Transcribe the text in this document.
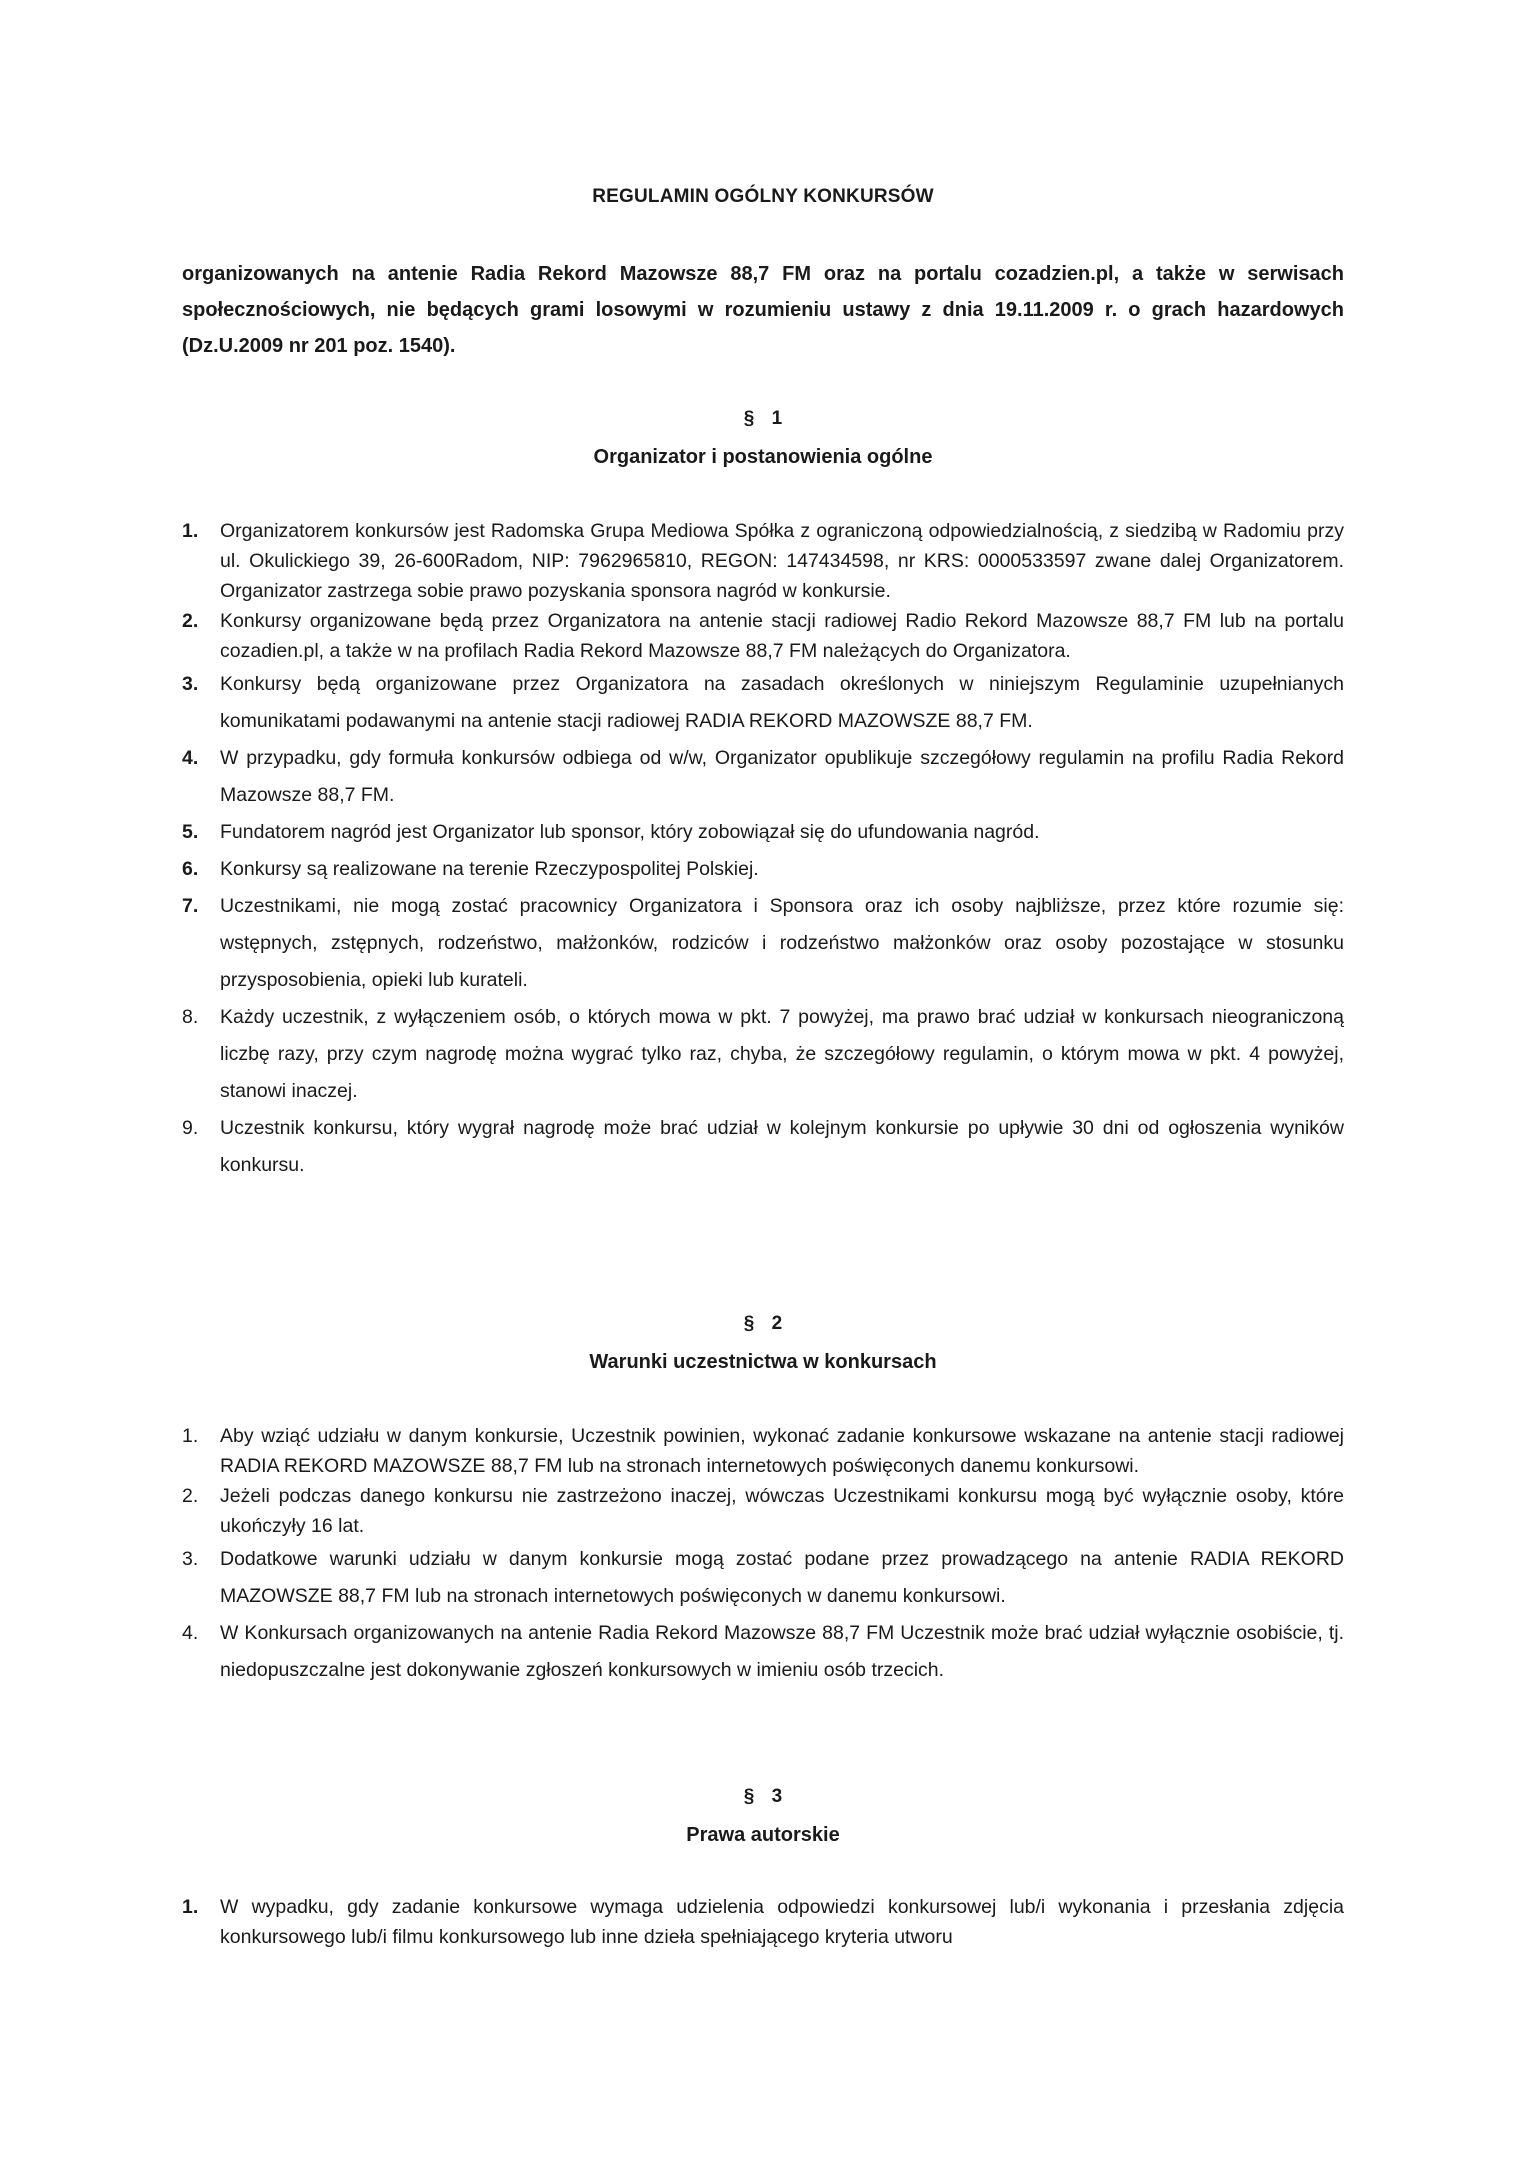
REGULAMIN OGÓLNY KONKURSÓW
organizowanych na antenie Radia Rekord Mazowsze 88,7 FM oraz na portalu cozadzien.pl, a także w serwisach społecznościowych, nie będących grami losowymi w rozumieniu ustawy z dnia 19.11.2009 r. o grach hazardowych (Dz.U.2009 nr 201 poz. 1540).
§ 1
Organizator i postanowienia ogólne
1.	Organizatorem konkursów jest Radomska Grupa Mediowa Spółka z ograniczoną odpowiedzialnością, z siedzibą w Radomiu przy ul. Okulickiego 39, 26-600Radom, NIP: 7962965810, REGON: 147434598, nr KRS: 0000533597 zwane dalej Organizatorem. Organizator zastrzega sobie prawo pozyskania sponsora nagród w konkursie.
2.	Konkursy organizowane będą przez Organizatora na antenie stacji radiowej Radio Rekord Mazowsze 88,7 FM lub na portalu cozadien.pl, a także w na profilach Radia Rekord Mazowsze 88,7 FM należących do Organizatora.
3.	Konkursy będą organizowane przez Organizatora na zasadach określonych w niniejszym Regulaminie uzupełnianych komunikatami podawanymi na antenie stacji radiowej RADIA REKORD MAZOWSZE 88,7 FM.
4.	W przypadku, gdy formuła konkursów odbiega od w/w, Organizator opublikuje szczegółowy regulamin na profilu Radia Rekord Mazowsze 88,7 FM.
5.	Fundatorem nagród jest Organizator lub sponsor, który zobowiązał się do ufundowania nagród.
6.	Konkursy są realizowane na terenie Rzeczypospolitej Polskiej.
7.	Uczestnikami, nie mogą zostać pracownicy Organizatora i Sponsora oraz ich osoby najbliższe, przez które rozumie się: wstępnych, zstępnych, rodzeństwo, małżonków, rodziców i rodzeństwo małżonków oraz osoby pozostające w stosunku przysposobienia, opieki lub kurateli.
8.	Każdy uczestnik, z wyłączeniem osób, o których mowa w pkt. 7 powyżej, ma prawo brać udział w konkursach nieograniczoną liczbę razy, przy czym nagrodę można wygrać tylko raz, chyba, że szczegółowy regulamin, o którym mowa w pkt. 4 powyżej, stanowi inaczej.
9.	Uczestnik konkursu, który wygrał nagrodę może brać udział w kolejnym konkursie po upływie 30 dni od ogłoszenia wyników konkursu.
§ 2
Warunki uczestnictwa w konkursach
1.	Aby wziąć udziału w danym konkursie, Uczestnik powinien, wykonać zadanie konkursowe wskazane na antenie stacji radiowej RADIA REKORD MAZOWSZE 88,7 FM lub na stronach internetowych poświęconych danemu konkursowi.
2.	Jeżeli podczas danego konkursu nie zastrzeżono inaczej, wówczas Uczestnikami konkursu mogą być wyłącznie osoby, które ukończyły 16 lat.
3.	Dodatkowe warunki udziału w danym konkursie mogą zostać podane przez prowadzącego na antenie RADIA REKORD MAZOWSZE 88,7 FM lub na stronach internetowych poświęconych w danemu konkursowi.
4.	W Konkursach organizowanych na antenie Radia Rekord Mazowsze 88,7 FM Uczestnik może brać udział wyłącznie osobiście, tj. niedopuszczalne jest dokonywanie zgłoszeń konkursowych w imieniu osób trzecich.
§ 3
Prawa autorskie
1.	W wypadku, gdy zadanie konkursowe wymaga udzielenia odpowiedzi konkursowej lub/i wykonania i przesłania zdjęcia konkursowego lub/i filmu konkursowego lub inne dzieła spełniającego kryteria utworu
